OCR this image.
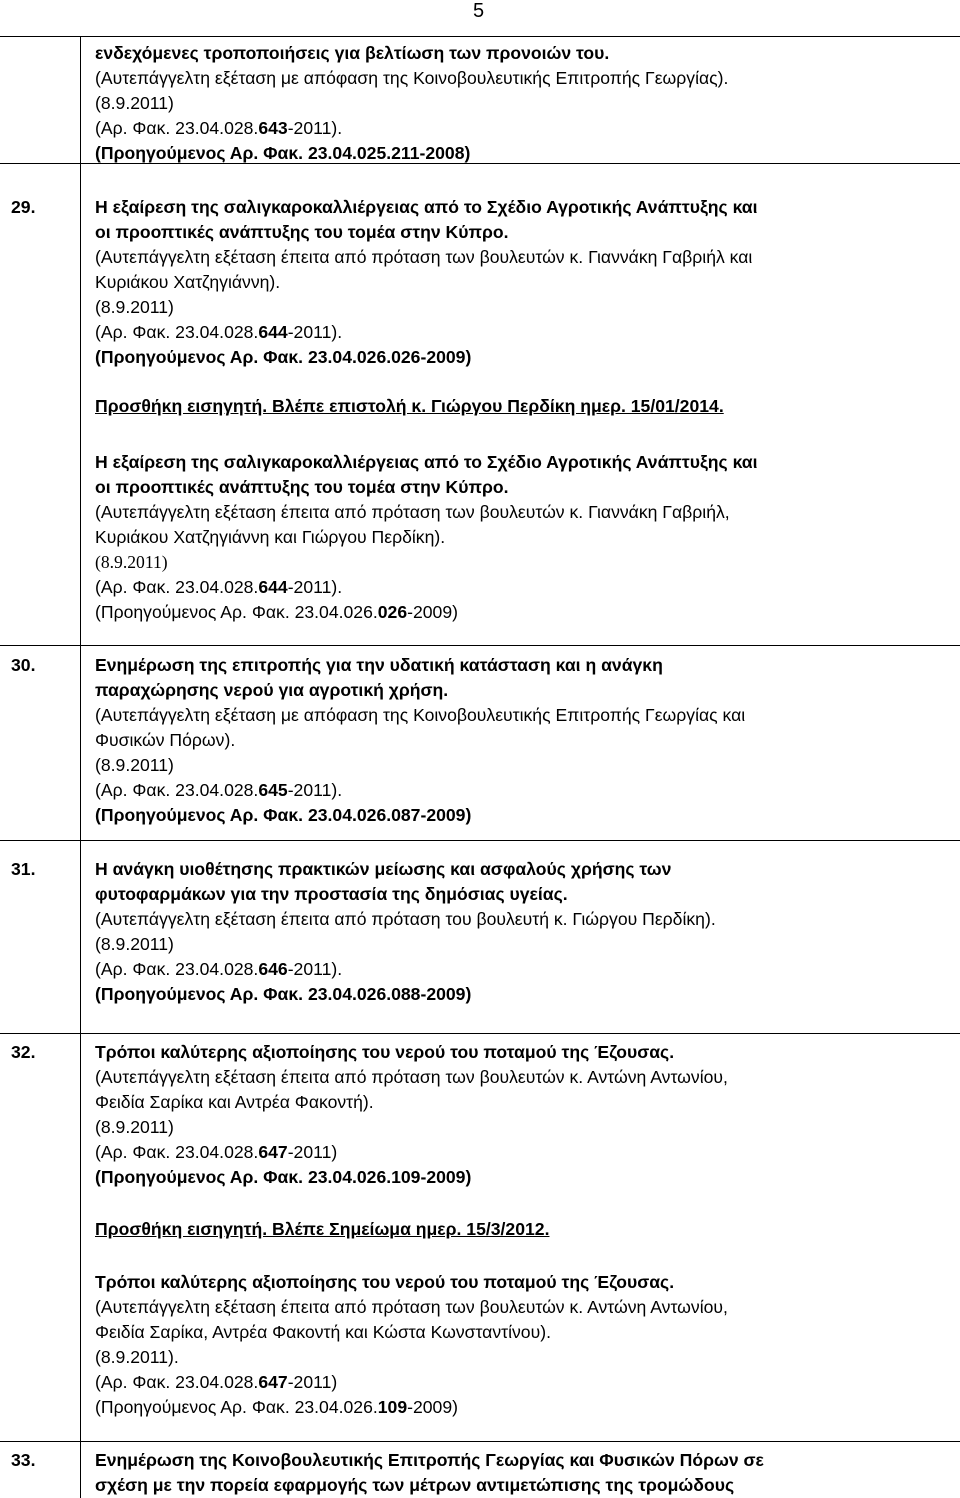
5
ενδεχόμενες τροποποιήσεις για βελτίωση των προνοιών του.
(Αυτεπάγγελτη εξέταση με απόφαση της Κοινοβουλευτικής Επιτροπής Γεωργίας).
(8.9.2011)
(Αρ. Φακ. 23.04.028.643-2011).
(Προηγούμενος Αρ. Φακ. 23.04.025.211-2008)
29.	Η εξαίρεση της σαλιγκαροκαλλιέργειας από το Σχέδιο Αγροτικής Ανάπτυξης και
οι προοπτικές ανάπτυξης του τομέα στην Κύπρο.
(Αυτεπάγγελτη εξέταση έπειτα από πρόταση των βουλευτών κ. Γιαννάκη Γαβριήλ και
Κυριάκου Χατζηγιάννη).
(8.9.2011)
(Αρ. Φακ. 23.04.028.644-2011).
(Προηγούμενος Αρ. Φακ. 23.04.026.026-2009)
Προσθήκη εισηγητή. Βλέπε επιστολή κ. Γιώργου Περδίκη ημερ. 15/01/2014.
Η εξαίρεση της σαλιγκαροκαλλιέργειας από το Σχέδιο Αγροτικής Ανάπτυξης και
οι προοπτικές ανάπτυξης του τομέα στην Κύπρο.
(Αυτεπάγγελτη εξέταση έπειτα από πρόταση των βουλευτών κ. Γιαννάκη Γαβριήλ,
Κυριάκου Χατζηγιάννη και Γιώργου Περδίκη).
(8.9.2011)
(Αρ. Φακ. 23.04.028.644-2011).
(Προηγούμενος Αρ. Φακ. 23.04.026.026-2009)
30.	Ενημέρωση της επιτροπής για την υδατική κατάσταση και η ανάγκη
παραχώρησης νερού για αγροτική χρήση.
(Αυτεπάγγελτη εξέταση με απόφαση της Κοινοβουλευτικής Επιτροπής Γεωργίας και
Φυσικών Πόρων).
(8.9.2011)
(Αρ. Φακ. 23.04.028.645-2011).
(Προηγούμενος Αρ. Φακ. 23.04.026.087-2009)
31.	Η ανάγκη υιοθέτησης πρακτικών μείωσης και ασφαλούς χρήσης των
φυτοφαρμάκων για την προστασία της δημόσιας υγείας.
(Αυτεπάγγελτη εξέταση έπειτα από πρόταση του βουλευτή κ. Γιώργου Περδίκη).
(8.9.2011)
(Αρ. Φακ. 23.04.028.646-2011).
(Προηγούμενος Αρ. Φακ. 23.04.026.088-2009)
32.	Τρόποι καλύτερης αξιοποίησης του νερού του ποταμού της Έζουσας.
(Αυτεπάγγελτη εξέταση έπειτα από πρόταση των βουλευτών κ. Αντώνη Αντωνίου,
Φειδία Σαρίκα και Αντρέα Φακοντή).
(8.9.2011)
(Αρ. Φακ. 23.04.028.647-2011)
(Προηγούμενος Αρ. Φακ. 23.04.026.109-2009)
Προσθήκη εισηγητή. Βλέπε Σημείωμα ημερ. 15/3/2012.
Τρόποι καλύτερης αξιοποίησης του νερού του ποταμού της Έζουσας.
(Αυτεπάγγελτη εξέταση έπειτα από πρόταση των βουλευτών κ. Αντώνη Αντωνίου,
Φειδία Σαρίκα, Αντρέα Φακοντή και Κώστα Κωνσταντίνου).
(8.9.2011).
(Αρ. Φακ. 23.04.028.647-2011)
(Προηγούμενος Αρ. Φακ. 23.04.026.109-2009)
33.	Ενημέρωση της Κοινοβουλευτικής Επιτροπής Γεωργίας και Φυσικών Πόρων σε
σχέση με την πορεία εφαρμογής των μέτρων αντιμετώπισης της τρομώδους
